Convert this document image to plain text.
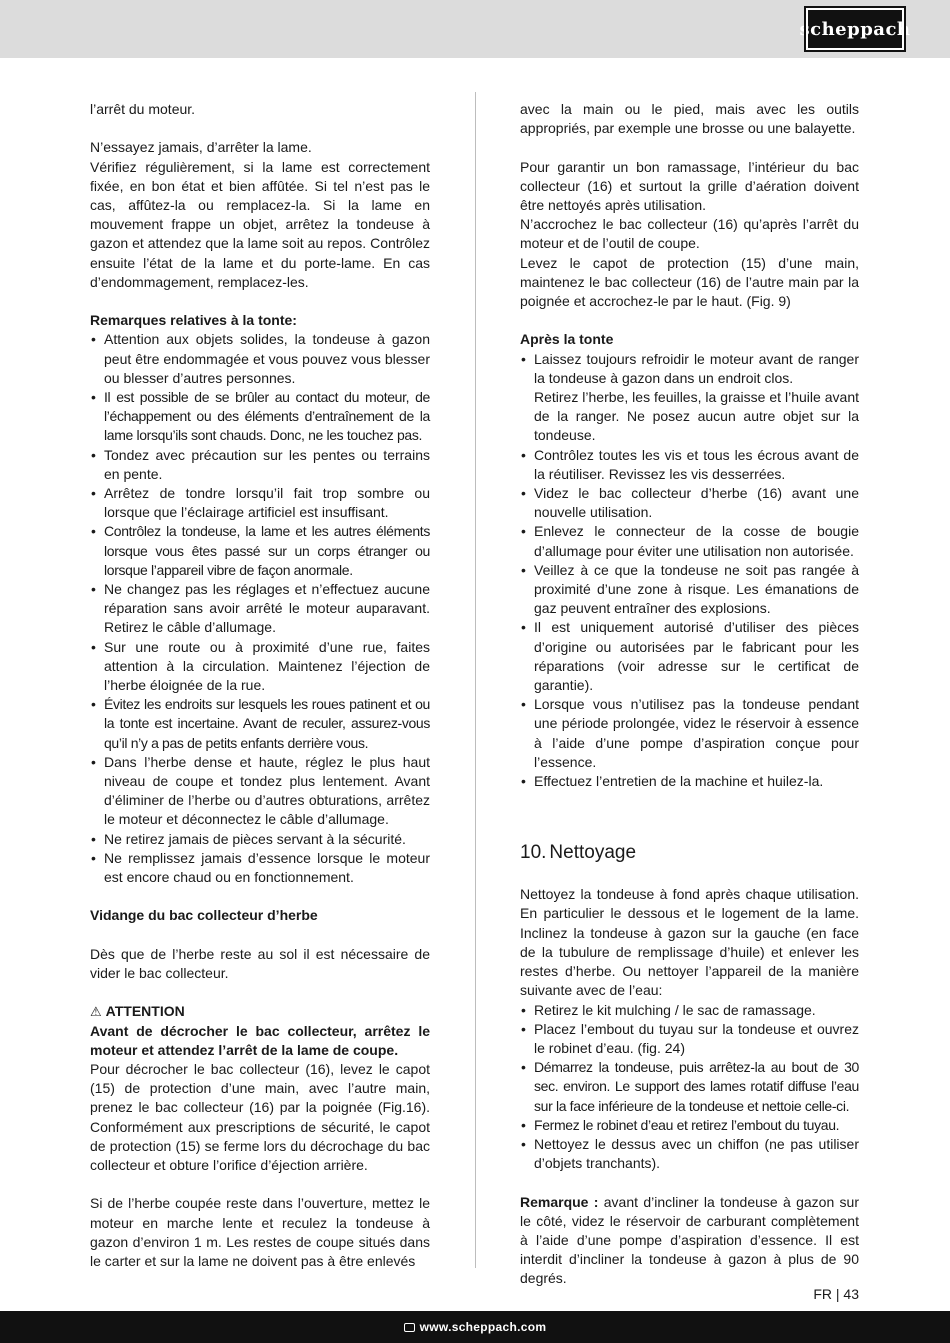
scheppach

l’arrêt du moteur.

N’essayez jamais, d’arrêter la lame.

Vérifiez régulièrement, si la lame est correctement fixée, en bon état et bien affûtée. Si tel n’est pas le cas, affûtez-la ou remplacez-la. Si la lame en mouvement frappe un objet, arrêtez la tondeuse à gazon et attendez que la lame soit au repos. Contrôlez ensuite l’état de la lame et du porte-lame. En cas d’endommagement, remplacez-les.

Remarques relatives à la tonte:

• Attention aux objets solides, la tondeuse à gazon peut être endommagée et vous pouvez vous blesser ou blesser d’autres personnes.
• Il est possible de se brûler au contact du moteur, de l’échappement ou des éléments d’entraînement de la lame lorsqu’ils sont chauds. Donc, ne les touchez pas.
• Tondez avec précaution sur les pentes ou terrains en pente.
• Arrêtez de tondre lorsqu’il fait trop sombre ou lorsque que l’éclairage artificiel est insuffisant.
• Contrôlez la tondeuse, la lame et les autres éléments lorsque vous êtes passé sur un corps étranger ou lorsque l’appareil vibre de façon anormale.
• Ne changez pas les réglages et n’effectuez aucune réparation sans avoir arrêté le moteur auparavant. Retirez le câble d’allumage.
• Sur une route ou à proximité d’une rue, faites attention à la circulation. Maintenez l’éjection de l’herbe éloignée de la rue.
• Évitez les endroits sur lesquels les roues patinent et ou la tonte est incertaine. Avant de reculer, assurez-vous qu’il n’y a pas de petits enfants derrière vous.
• Dans l’herbe dense et haute, réglez le plus haut niveau de coupe et tondez plus lentement. Avant d’éliminer de l’herbe ou d’autres obturations, arrêtez le moteur et déconnectez le câble d’allumage.
• Ne retirez jamais de pièces servant à la sécurité.
• Ne remplissez jamais d’essence lorsque le moteur est encore chaud ou en fonctionnement.

Vidange du bac collecteur d’herbe

Dès que de l’herbe reste au sol il est nécessaire de vider le bac collecteur.

⚠ ATTENTION

Avant de décrocher le bac collecteur, arrêtez le moteur et attendez l’arrêt de la lame de coupe.

Pour décrocher le bac collecteur (16), levez le capot (15) de protection d’une main, avec l’autre main, prenez le bac collecteur (16) par la poignée (Fig.16). Conformément aux prescriptions de sécurité, le capot de protection (15) se ferme lors du décrochage du bac collecteur et obture l’orifice d’éjection arrière.

Si de l’herbe coupée reste dans l’ouverture, mettez le moteur en marche lente et reculez la tondeuse à gazon d’environ 1 m. Les restes de coupe situés dans le carter et sur la lame ne doivent pas à être enlevés

avec la main ou le pied, mais avec les outils appropriés, par exemple une brosse ou une balayette.

Pour garantir un bon ramassage, l’intérieur du bac collecteur (16) et surtout la grille d’aération doivent être nettoyés après utilisation.

N’accrochez le bac collecteur (16) qu’après l’arrêt du moteur et de l’outil de coupe.

Levez le capot de protection (15) d’une main, maintenez le bac collecteur (16) de l’autre main par la poignée et accrochez-le par le haut. (Fig. 9)

Après la tonte

• Laissez toujours refroidir le moteur avant de ranger la tondeuse à gazon dans un endroit clos.
Retirez l’herbe, les feuilles, la graisse et l’huile avant de la ranger. Ne posez aucun autre objet sur la tondeuse.
• Contrôlez toutes les vis et tous les écrous avant de la réutiliser. Revissez les vis desserrées.
• Videz le bac collecteur d’herbe (16) avant une nouvelle utilisation.
• Enlevez le connecteur de la cosse de bougie d’allumage pour éviter une utilisation non autorisée.
• Veillez à ce que la tondeuse ne soit pas rangée à proximité d’une zone à risque. Les émanations de gaz peuvent entraîner des explosions.
• Il est uniquement autorisé d’utiliser des pièces d’origine ou autorisées par le fabricant pour les réparations (voir adresse sur le certificat de garantie).
• Lorsque vous n’utilisez pas la tondeuse pendant une période prolongée, videz le réservoir à essence à l’aide d’une pompe d’aspiration conçue pour l’essence.
• Effectuez l’entretien de la machine et huilez-la.
10. Nettoyage

Nettoyez la tondeuse à fond après chaque utilisation. En particulier le dessous et le logement de la lame. Inclinez la tondeuse à gazon sur la gauche (en face de la tubulure de remplissage d’huile) et enlever les restes d’herbe. Ou nettoyer l’appareil de la manière suivante avec de l’eau:

• Retirez le kit mulching / le sac de ramassage.
• Placez l’embout du tuyau sur la tondeuse et ouvrez le robinet d’eau. (fig. 24)
• Démarrez la tondeuse, puis arrêtez-la au bout de 30 sec. environ. Le support des lames rotatif diffuse l’eau sur la face inférieure de la tondeuse et nettoie celle-ci.
• Fermez le robinet d’eau et retirez l’embout du tuyau.
• Nettoyez le dessus avec un chiffon (ne pas utiliser d’objets tranchants).

Remarque : avant d’incliner la tondeuse à gazon sur le côté, videz le réservoir de carburant complètement à l’aide d’une pompe d’aspiration d’essence. Il est interdit d’incliner la tondeuse à gazon à plus de 90 degrés.

FR | 43
www.scheppach.com
